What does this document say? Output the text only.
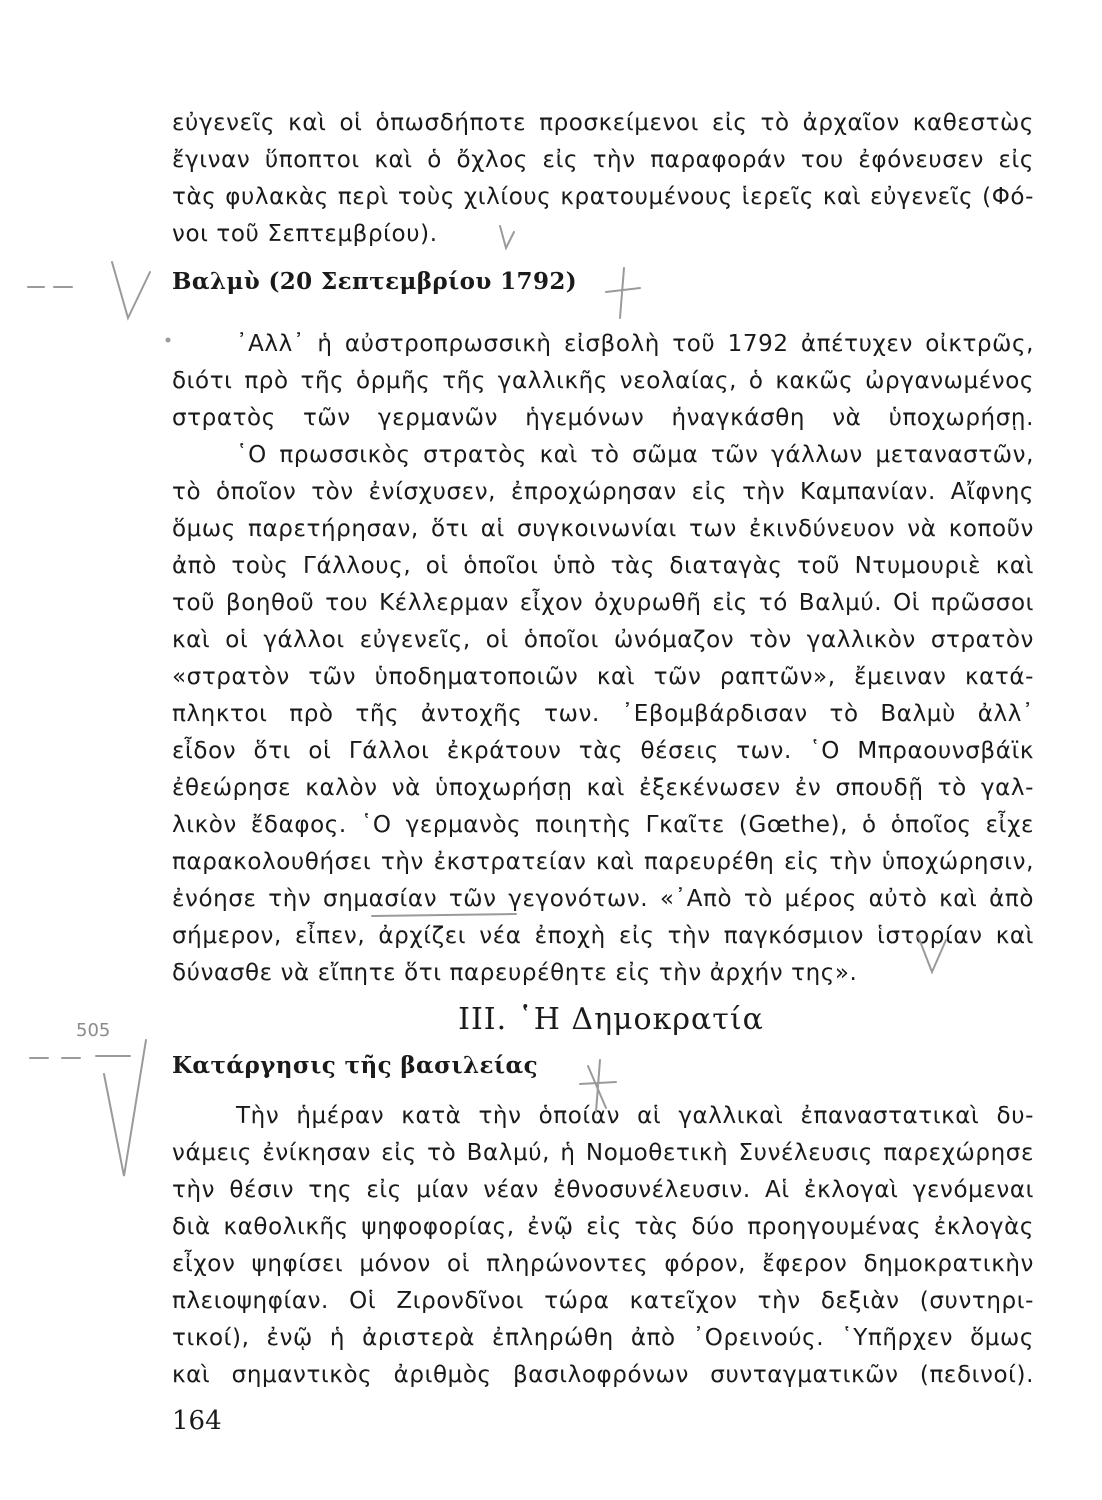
εὐγενεῖς καὶ οἱ ὁπωσδήποτε προσκείμενοι εἰς τὸ ἀρχαῖον καθεστὼς
ἔγιναν ὕποπτοι καὶ ὁ ὄχλος εἰς τὴν παραφοράν του ἐφόνευσεν εἰς
τὰς φυλακὰς περὶ τοὺς χιλίους κρατουμένους ἱερεῖς καὶ εὐγενεῖς (Φό-
νοι τοῦ Σεπτεμβρίου).
Βαλμὺ (20 Σεπτεμβρίου 1792)
᾿Αλλ᾿ ἡ αὐστροπρωσσικὴ εἰσβολὴ τοῦ 1792 ἀπέτυχεν οἰκτρῶς,
διότι πρὸ τῆς ὁρμῆς τῆς γαλλικῆς νεολαίας, ὁ κακῶς ὠργανωμένος
στρατὸς τῶν γερμανῶν ἡγεμόνων ἠναγκάσθη νὰ ὑποχωρήσῃ.
῾Ο πρωσσικὸς στρατὸς καὶ τὸ σῶμα τῶν γάλλων μεταναστῶν,
τὸ ὁποῖον τὸν ἐνίσχυσεν, ἐπροχώρησαν εἰς τὴν Καμπανίαν. Αἴφνης
ὅμως παρετήρησαν, ὅτι αἱ συγκοινωνίαι των ἐκινδύνευον νὰ κοποῦν
ἀπὸ τοὺς Γάλλους, οἱ ὁποῖοι ὑπὸ τὰς διαταγὰς τοῦ Ντυμουριὲ καὶ
τοῦ βοηθοῦ του Κέλλερμαν εἶχον ὀχυρωθῆ εἰς τό Βαλμύ. Οἱ πρῶσσοι
καὶ οἱ γάλλοι εὐγενεῖς, οἱ ὁποῖοι ὠνόμαζον τὸν γαλλικὸν στρατὸν
«στρατὸν τῶν ὑποδηματοποιῶν καὶ τῶν ραπτῶν», ἔμειναν κατά-
πληκτοι πρὸ τῆς ἀντοχῆς των. ᾿Εβομβάρδισαν τὸ Βαλμὺ ἀλλ᾿
εἶδον ὅτι οἱ Γάλλοι ἐκράτουν τὰς θέσεις των. ῾Ο Μπραουνσβάϊκ
ἐθεώρησε καλὸν νὰ ὑποχωρήσῃ καὶ ἐξεκένωσεν ἐν σπουδῇ τὸ γαλ-
λικὸν ἔδαφος. ῾Ο γερμανὸς ποιητὴς Γκαῖτε (Gœthe), ὁ ὁποῖος εἶχε
παρακολουθήσει τὴν ἐκστρατείαν καὶ παρευρέθη εἰς τὴν ὑποχώρησιν,
ἐνόησε τὴν σημασίαν τῶν γεγονότων. «᾿Απὸ τὸ μέρος αὐτὸ καὶ ἀπὸ
σήμερον, εἶπεν, ἀρχίζει νέα ἐποχὴ εἰς τὴν παγκόσμιον ἱστορίαν καὶ
δύνασθε νὰ εἴπητε ὅτι παρευρέθητε εἰς τὴν ἀρχήν της».
ΙΙΙ. ῾Η Δημοκρατία
Κατάργησις τῆς βασιλείας
Τὴν ἡμέραν κατὰ τὴν ὁποίαν αἱ γαλλικαὶ ἐπαναστατικαὶ δυ-
νάμεις ἐνίκησαν εἰς τὸ Βαλμύ, ἡ Νομοθετικὴ Συνέλευσις παρεχώρησε
τὴν θέσιν της εἰς μίαν νέαν ἐθνοσυνέλευσιν. Αἱ ἐκλογαὶ γενόμεναι
διὰ καθολικῆς ψηφοφορίας, ἐνῷ εἰς τὰς δύο προηγουμένας ἐκλογὰς
εἶχον ψηφίσει μόνον οἱ πληρώνοντες φόρον, ἔφερον δημοκρατικὴν
πλειοψηφίαν. Οἱ Ζιρονδῖνοι τώρα κατεῖχον τὴν δεξιὰν (συντηρι-
τικοί), ἐνῷ ἡ ἀριστερὰ ἐπληρώθη ἀπὸ ᾿Ορεινούς. ῾Υπῆρχεν ὅμως
καὶ σημαντικὸς ἀριθμὸς βασιλοφρόνων συνταγματικῶν (πεδινοί).
164
505
